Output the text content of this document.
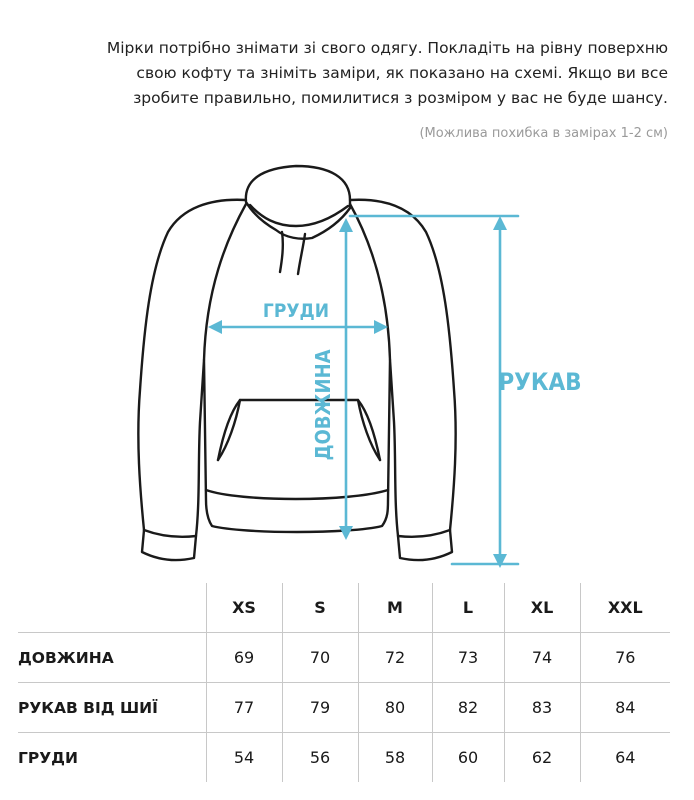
Мірки потрібно знімати зі свого одягу. Покладіть на рівну поверхню

свою кофту та зніміть заміри, як показано на схемі. Якщо ви все

зробите правильно, помилитися з розміром у вас не буде шансу.

(Можлива похибка в замірах 1-2 см)

ГРУДИ
ДОВЖИНА	РУКАВ
	XS	S	M	L	XL	XXL
ДОВЖИНА	69	70	72	73	74	76
РУКАВ ВІД ШИЇ	77	79	80	82	83	84
ГРУДИ	54	56	58	60	62	64
